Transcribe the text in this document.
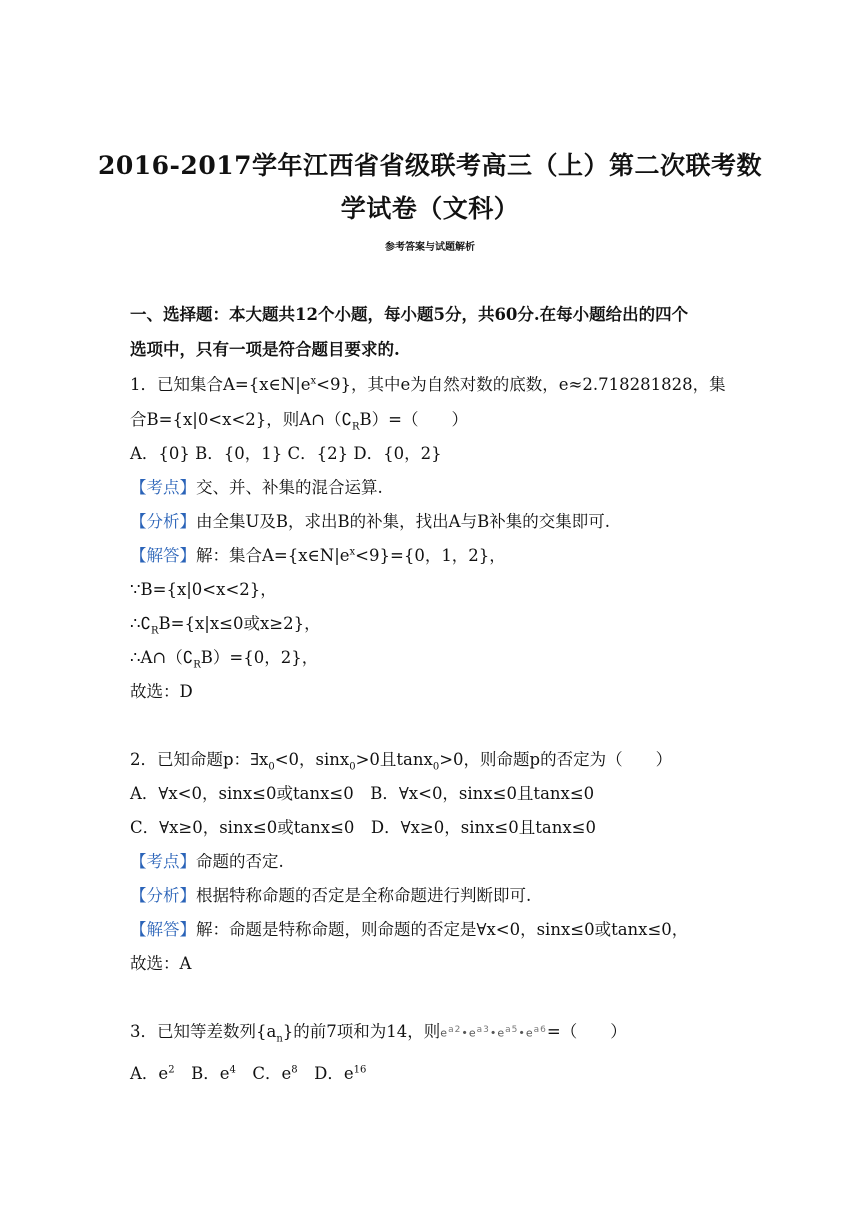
2016-2017学年江西省省级联考高三（上）第二次联考数
学试卷（文科）
参考答案与试题解析
一、选择题：本大题共12个小题，每小题5分，共60分.在每小题给出的四个
选项中，只有一项是符合题目要求的.
1．已知集合$A=\{x\in N|e^x<9\}$，其中e为自然对数的底数，e≈2.718281828，集
合B={x|0<x<2}，则$A\cap(∁_RB)=$（　　）
A．{0} B．{0，1} C．{2} D．{0，2}
【考点】交、并、补集的混合运算.
【分析】由全集U及B，求出B的补集，找出A与B补集的交集即可.
【解答】解：集合$A=\{x\in N|e^x<9\}=\{0$，1，2}，
∵B={x|0<x<2}，
$\therefore∁_RB=\{x|x\le 0$或x≥2}，
$\therefore A\cap(∁_RB)=\{0$，2}，
故选：D
2．已知命题p：$\exists x_0<0$，sinx$_0$>0且tanx$_0$>0，则命题p的否定为（　　）
A．∀x<0，sinx≤0或tanx≤0　B．∀x<0，sinx≤0且tanx≤0
C．∀x≥0，sinx≤0或tanx≤0　D．∀x≥0，sinx≤0且tanx≤0
【考点】命题的否定.
【分析】根据特称命题的否定是全称命题进行判断即可.
【解答】解：命题是特称命题，则命题的否定是∀x<0，sinx≤0或tanx≤0，
故选：A
3．已知等差数列$\{a_n\}$的前7项和为14，则$e^{a2}•e^{a3}•e^{a5}•e^{a6}=$（　　）
A．$e^2$　B．$e^4$　C．$e^8$　D．$e^{16}$
